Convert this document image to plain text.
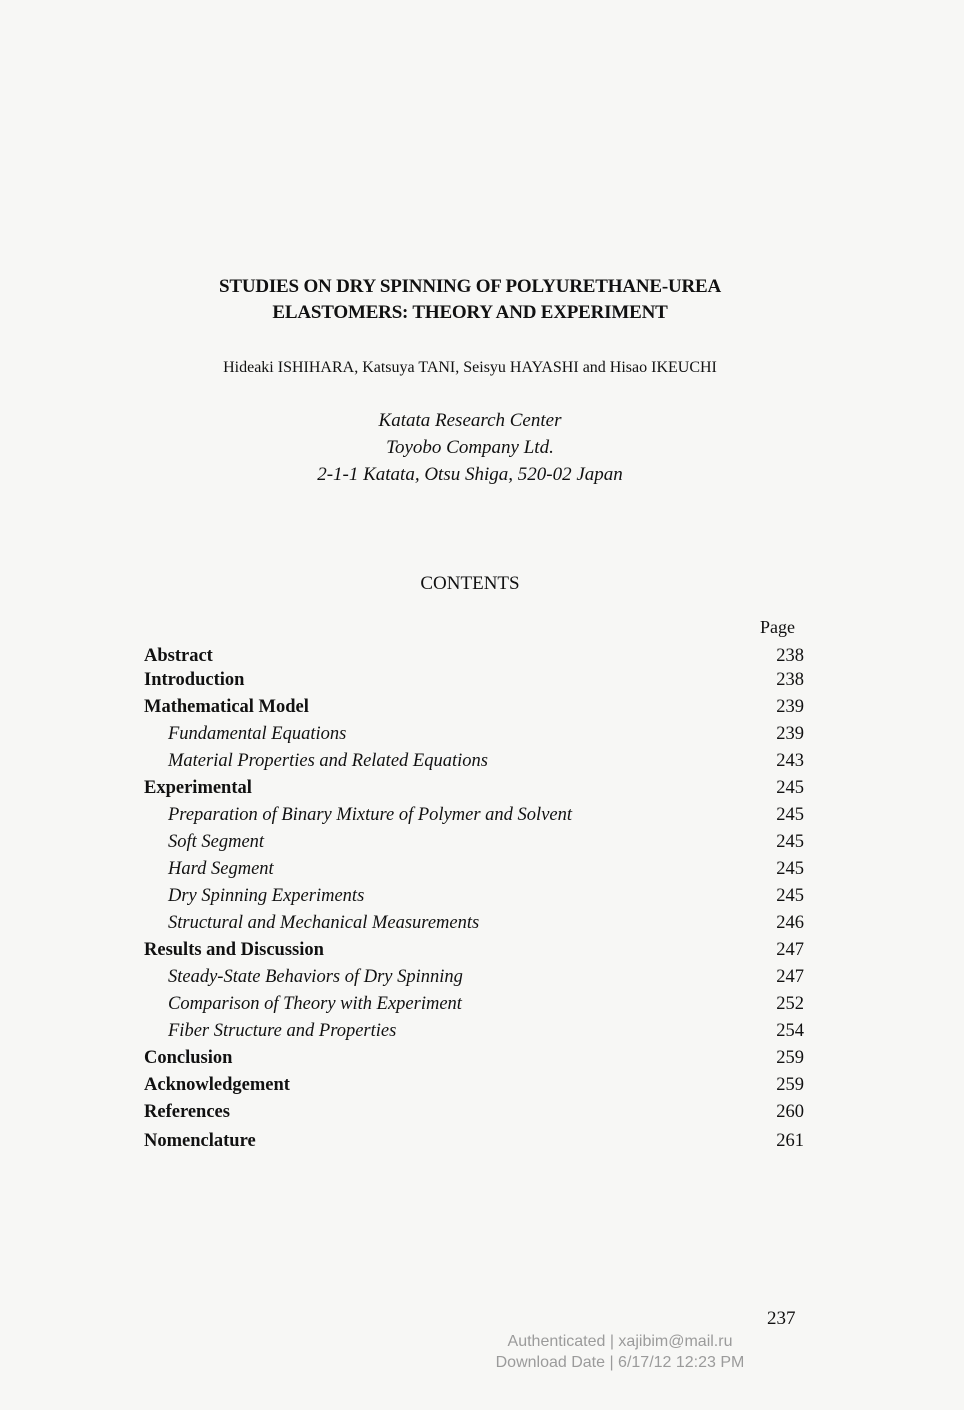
STUDIES ON DRY SPINNING OF POLYURETHANE-UREA
ELASTOMERS: THEORY AND EXPERIMENT
Hideaki ISHIHARA, Katsuya TANI, Seisyu HAYASHI and Hisao IKEUCHI
Katata Research Center
Toyobo Company Ltd.
2-1-1 Katata, Otsu Shiga, 520-02 Japan
CONTENTS
Page
Abstract	238
Introduction	238
Mathematical Model	239
Fundamental Equations	239
Material Properties and Related Equations	243
Experimental	245
Preparation of Binary Mixture of Polymer and Solvent	245
Soft Segment	245
Hard Segment	245
Dry Spinning Experiments	245
Structural and Mechanical Measurements	246
Results and Discussion	247
Steady-State Behaviors of Dry Spinning	247
Comparison of Theory with Experiment	252
Fiber Structure and Properties	254
Conclusion	259
Acknowledgement	259
References	260
Nomenclature	261
237
Authenticated | xajibim@mail.ru
Download Date | 6/17/12 12:23 PM
